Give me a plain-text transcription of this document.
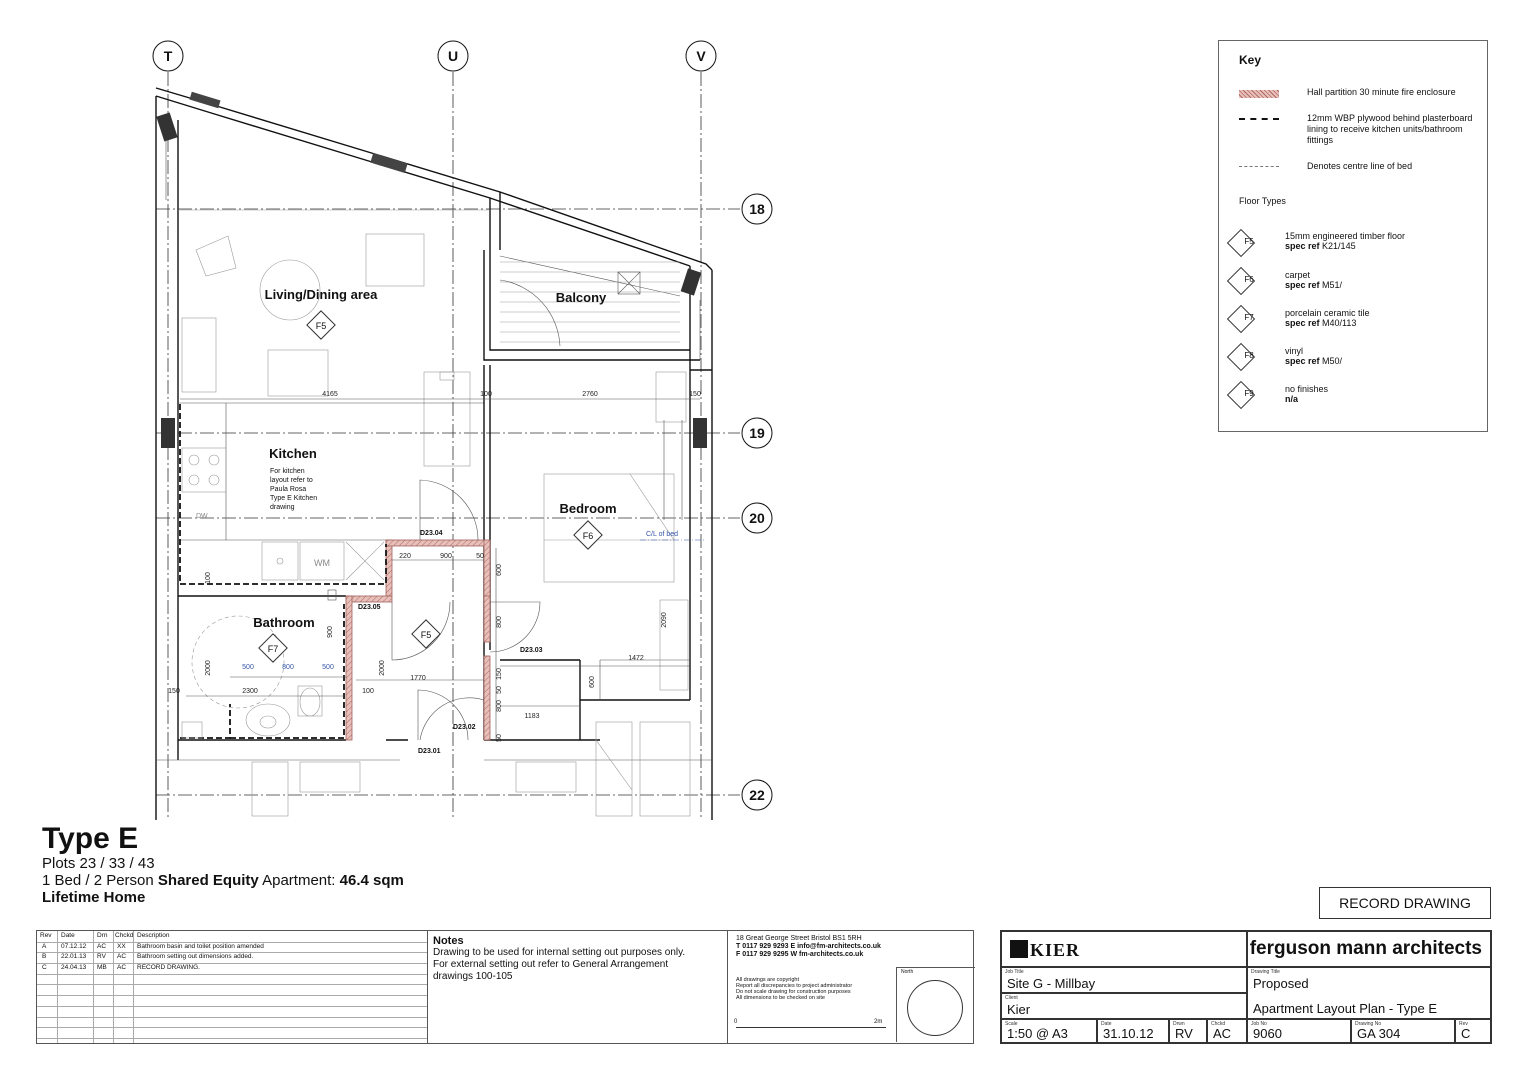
T	U	V
18
19
20
22
Living/Dining area	Balcony
Kitchen
For kitchen
layout refer to
Paula Rosa
Type E Kitchen
drawing	Bedroom
Bathroom
C/L of bed
DW
WM
F5
F6
F7
F5
D23.04
D23.05
D23.03
D23.02
D23.01
4165	100	2760	150
220	900	50
600
800
150
50
800
50
2090
1472
600
1183
1770
100
2000
2000
900
500	800	500
2300
150
100
Key
Hall partition 30 minute fire enclosure
12mm WBP plywood behind plasterboard lining to receive kitchen units/bathroom fittings
Denotes centre line of bed
Floor Types
F5
15mm engineered timber floor
spec ref K21/145
F6	carpet
spec ref M51/
F7	porcelain ceramic tile
spec ref M40/113
F8	vinyl
spec ref M50/
F9	no finishes
n/a
Type E
Plots 23 / 33 / 43
1 Bed / 2 Person Shared Equity Apartment: 46.4 sqm
Lifetime Home	RECORD DRAWING
Rev Date	Drn Chckd Description
A 07.12.12 AC XX Bathroom basin and toilet position amended
B 22.01.13 RV AC Bathroom setting out dimensions added.
C 24.04.13 MB AC RECORD DRAWING.
Notes
Drawing to be used for internal setting out purposes only.
For external setting out refer to General Arrangement
drawings 100-105
18 Great George Street Bristol BS1 5RH
T 0117 929 9293 E info@fm-architects.co.uk
F 0117 929 9295 W fm-architects.co.uk
All drawings are copyright
Report all discrepancies to project administrator
Do not scale drawing for construction purposes
All dimensions to be checked on site
0	2m
North
KIER	ferguson mann architects
Job Title
Site G - Millbay
Client
Kier
Drawing Title
Proposed
Apartment Layout Plan - Type E
Scale
1:50 @ A3
Date
31.10.12
Drwn
RV
Chckd
AC
Job No
9060
Drawing No
GA 304
Rev
C
